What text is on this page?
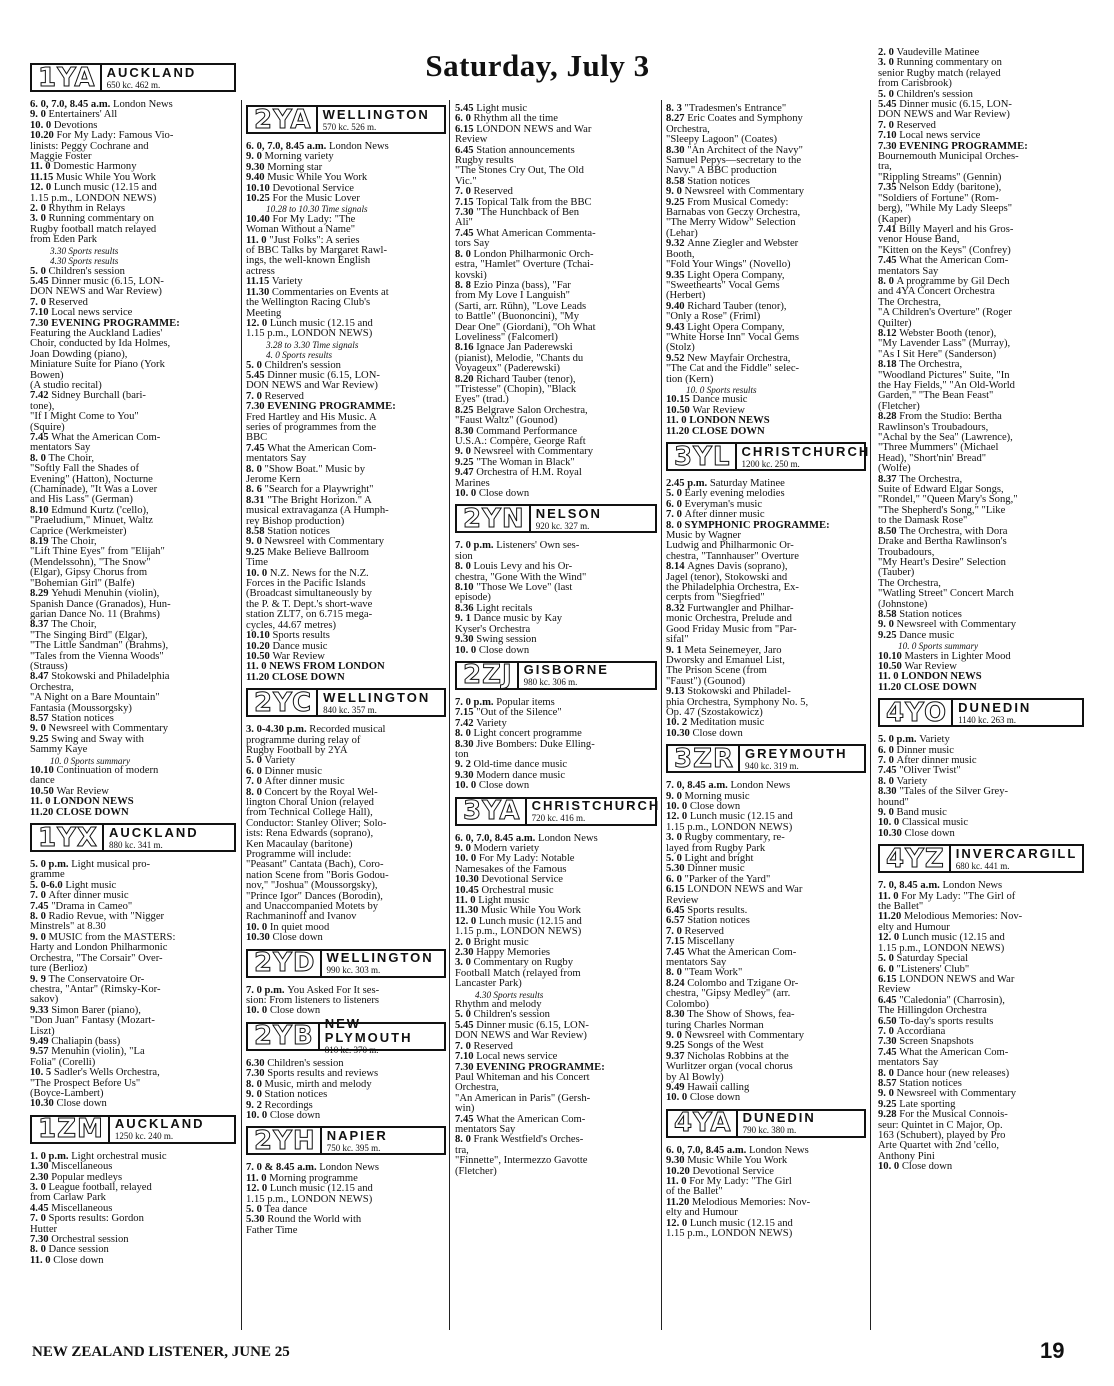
Saturday, July 3
1YA AUCKLAND
650 kc. 462 m.
6. 0, 7.0, 8.45 a.m. London News
9. 0 Entertainers' All
10. 0 Devotions
10.20 For My Lady: Famous Vio-
linists: Peggy Cochrane and
Maggie Foster
11. 0 Domestic Harmony
11.15 Music While You Work
12. 0 Lunch music (12.15 and
1.15 p.m., LONDON NEWS)
2. 0 Rhythm in Relays
3. 0 Running commentary on
Rugby football match relayed
from Eden Park
3.30 Sports results
4.30 Sports results
5. 0 Children's session
5.45 Dinner music (6.15, LON-
DON NEWS and War Review)
7. 0 Reserved
7.10 Local news service
7.30 EVENING PROGRAMME:
Featuring the Auckland Ladies'
Choir, conducted by Ida Holmes,
Joan Dowding (piano),
Miniature Suite for Piano (York
Bowen)
(A studio recital)
7.42 Sidney Burchall (bari-
tone),
"If I Might Come to You"
(Squire)
7.45 What the American Com-
mentators Say
8. 0 The Choir,
"Softly Fall the Shades of
Evening" (Hatton), Nocturne
(Chaminade), "It Was a Lover
and His Lass" (German)
8.10 Edmund Kurtz ('cello),
"Praeludium," Minuet, Waltz
Caprice (Werkmeister)
8.19 The Choir,
"Lift Thine Eyes" from "Elijah"
(Mendelssohn), "The Snow"
(Elgar), Gipsy Chorus from
"Bohemian Girl" (Balfe)
8.29 Yehudi Menuhin (violin),
Spanish Dance (Granados), Hun-
garian Dance No. 11 (Brahms)
8.37 The Choir,
"The Singing Bird" (Elgar),
"The Little Sandman" (Brahms),
"Tales from the Vienna Woods"
(Strauss)
8.47 Stokowski and Philadelphia
Orchestra,
"A Night on a Bare Mountain"
Fantasia (Moussorgsky)
8.57 Station notices
9. 0 Newsreel with Commentary
9.25 Swing and Sway with
Sammy Kaye
10. 0 Sports summary
10.10 Continuation of modern
dance
10.50 War Review
11. 0 LONDON NEWS
11.20 CLOSE DOWN
1YX AUCKLAND
880 kc. 341 m.
5. 0 p.m. Light musical pro-
gramme
5. 0-6.0 Light music
7. 0 After dinner music
7.45 "Drama in Cameo"
8. 0 Radio Revue, with "Nigger
Minstrels" at 8.30
9. 0 MUSIC from the MASTERS:
Harty and London Philharmonic
Orchestra, "The Corsair" Over-
ture (Berlioz)
9. 9 The Conservatoire Or-
chestra, "Antar" (Rimsky-Kor-
sakov)
9.33 Simon Barer (piano),
"Don Juan" Fantasy (Mozart-
Liszt)
9.49 Chaliapin (bass)
9.57 Menuhin (violin), "La
Folia" (Corelli)
10. 5 Sadler's Wells Orchestra,
"The Prospect Before Us"
(Boyce-Lambert)
10.30 Close down
1ZM AUCKLAND
1250 kc. 240 m.
1. 0 p.m. Light orchestral music
1.30 Miscellaneous
2.30 Popular medleys
3. 0 League football, relayed
from Carlaw Park
4.45 Miscellaneous
7. 0 Sports results: Gordon
Hutter
7.30 Orchestral session
8. 0 Dance session
11. 0 Close down
2YA WELLINGTON
570 kc. 526 m.
6. 0, 7.0, 8.45 a.m. London News
9. 0 Morning variety
9.30 Morning star
9.40 Music While You Work
10.10 Devotional Service
10.25 For the Music Lover
10.28 to 10.30 Time signals
10.40 For My Lady: "The
Woman Without a Name"
11. 0 "Just Folks": A series
of BBC Talks by Margaret Rawl-
ings, the well-known English
actress
11.15 Variety
11.30 Commentaries on Events at
the Wellington Racing Club's
Meeting
12. 0 Lunch music (12.15 and
1.15 p.m., LONDON NEWS)
3.28 to 3.30 Time signals
4. 0 Sports results
5. 0 Children's session
5.45 Dinner music (6.15, LON-
DON NEWS and War Review)
7. 0 Reserved
7.30 EVENING PROGRAMME:
Fred Hartley and His Music. A
series of programmes from the
BBC
7.45 What the American Com-
mentators Say
8. 0 "Show Boat." Music by
Jerome Kern
8. 6 "Search for a Playwright"
8.31 "The Bright Horizon." A
musical extravaganza (A Humph-
rey Bishop production)
8.58 Station notices
9. 0 Newsreel with Commentary
9.25 Make Believe Ballroom
Time
10. 0 N.Z. News for the N.Z.
Forces in the Pacific Islands
(Broadcast simultaneously by
the P. & T. Dept.'s short-wave
station ZLT7, on 6.715 mega-
cycles, 44.67 metres)
10.10 Sports results
10.20 Dance music
10.50 War Review
11. 0 NEWS FROM LONDON
11.20 CLOSE DOWN
2YC WELLINGTON
840 kc. 357 m.
3. 0-4.30 p.m. Recorded musical
programme during relay of
Rugby Football by 2YA
5. 0 Variety
6. 0 Dinner music
7. 0 After dinner music
8. 0 Concert by the Royal Wel-
lington Choral Union (relayed
from Technical College Hall),
Conductor: Stanley Oliver; Solo-
ists: Rena Edwards (soprano),
Ken Macaulay (baritone)
Programme will include:
"Peasant" Cantata (Bach), Coro-
nation Scene from "Boris Godou-
nov," "Joshua" (Moussorgsky),
"Prince Igor" Dances (Borodin),
and Unaccompanied Motets by
Rachmaninoff and Ivanov
10. 0 In quiet mood
10.30 Close down
2YD WELLINGTON
990 kc. 303 m.
7. 0 p.m. You Asked For It ses-
sion: From listeners to listeners
10. 0 Close down
2YB NEW PLYMOUTH
810 kc. 370 m.
6.30 Children's session
7.30 Sports results and reviews
8. 0 Music, mirth and melody
9. 0 Station notices
9. 2 Recordings
10. 0 Close down
2YH NAPIER
750 kc. 395 m.
7. 0 & 8.45 a.m. London News
11. 0 Morning programme
12. 0 Lunch music (12.15 and
1.15 p.m., LONDON NEWS)
5. 0 Tea dance
5.30 Round the World with
Father Time
5.45 Light music
6. 0 Rhythm all the time
6.15 LONDON NEWS and War
Review
6.45 Station announcements
Rugby results
"The Stones Cry Out, The Old
Vic."
7. 0 Reserved
7.15 Topical Talk from the BBC
7.30 "The Hunchback of Ben
Ali"
7.45 What American Commenta-
tors Say
8. 0 London Philharmonic Orch-
estra, "Hamlet" Overture (Tchai-
kovski)
8. 8 Ezio Pinza (bass), "Far
from My Love I Languish"
(Sarti, arr. Rühn), "Love Leads
to Battle" (Buononcini), "My
Dear One" (Giordani), "Oh What
Loveliness" (Falcomerl)
8.16 Ignace Jan Paderewski
(pianist), Melodie, "Chants du
Voyageux" (Paderewski)
8.20 Richard Tauber (tenor),
"Tristesse" (Chopin), "Black
Eyes" (trad.)
8.25 Belgrave Salon Orchestra,
"Faust Waltz" (Gounod)
8.30 Command Performance
U.S.A.: Compère, George Raft
9. 0 Newsreel with Commentary
9.25 "The Woman in Black"
9.47 Orchestra of H.M. Royal
Marines
10. 0 Close down
2YN NELSON
920 kc. 327 m.
7. 0 p.m. Listeners' Own ses-
sion
8. 0 Louis Levy and his Or-
chestra, "Gone With the Wind"
8.10 "Those We Love" (last
episode)
8.36 Light recitals
9. 1 Dance music by Kay
Kyser's Orchestra
9.30 Swing session
10. 0 Close down
2ZJ GISBORNE
980 kc. 306 m.
7. 0 p.m. Popular items
7.15 "Out of the Silence"
7.42 Variety
8. 0 Light concert programme
8.30 Jive Bombers: Duke Elling-
ton
9. 2 Old-time dance music
9.30 Modern dance music
10. 0 Close down
3YA CHRISTCHURCH
720 kc. 416 m.
6. 0, 7.0, 8.45 a.m. London News
9. 0 Modern variety
10. 0 For My Lady: Notable
Namesakes of the Famous
10.30 Devotional Service
10.45 Orchestral music
11. 0 Light music
11.30 Music While You Work
12. 0 Lunch music (12.15 and
1.15 p.m., LONDON NEWS)
2. 0 Bright music
2.30 Happy Memories
3. 0 Commentary on Rugby
Football Match (relayed from
Lancaster Park)
4.30 Sports results
Rhythm and melody
5. 0 Children's session
5.45 Dinner music (6.15, LON-
DON NEWS and War Review)
7. 0 Reserved
7.10 Local news service
7.30 EVENING PROGRAMME:
Paul Whiteman and his Concert
Orchestra,
"An American in Paris" (Gersh-
win)
7.45 What the American Com-
mentators Say
8. 0 Frank Westfield's Orches-
tra,
"Finnette", Intermezzo Gavotte
(Fletcher)
8. 3 "Tradesmen's Entrance"
8.27 Eric Coates and Symphony
Orchestra,
"Sleepy Lagoon" (Coates)
8.30 "An Architect of the Navy"
Samuel Pepys—secretary to the
Navy." A BBC production
8.58 Station notices
9. 0 Newsreel with Commentary
9.25 From Musical Comedy:
Barnabas von Geczy Orchestra,
"The Merry Widow" Selection
(Lehar)
9.32 Anne Ziegler and Webster
Booth,
"Fold Your Wings" (Novello)
9.35 Light Opera Company,
"Sweethearts" Vocal Gems
(Herbert)
9.40 Richard Tauber (tenor),
"Only a Rose" (Friml)
9.43 Light Opera Company,
"White Horse Inn" Vocal Gems
(Stolz)
9.52 New Mayfair Orchestra,
"The Cat and the Fiddle" selec-
tion (Kern)
10. 0 Sports results
10.15 Dance music
10.50 War Review
11. 0 LONDON NEWS
11.20 CLOSE DOWN
3YL CHRISTCHURCH
1200 kc. 250 m.
2.45 p.m. Saturday Matinee
5. 0 Early evening melodies
6. 0 Everyman's music
7. 0 After dinner music
8. 0 SYMPHONIC PROGRAMME:
Music by Wagner
Ludwig and Philharmonic Or-
chestra, "Tannhauser" Overture
8.14 Agnes Davis (soprano),
Jagel (tenor), Stokowski and
the Philadelphia Orchestra, Ex-
cerpts from "Siegfried"
8.32 Furtwangler and Philhar-
monic Orchestra, Prelude and
Good Friday Music from "Par-
sifal"
9. 1 Meta Seinemeyer, Jaro
Dworsky and Emanuel List,
The Prison Scene (from
"Faust") (Gounod)
9.13 Stokowski and Philadel-
phia Orchestra, Symphony No. 5,
Op. 47 (Szostakowicz)
10. 2 Meditation music
10.30 Close down
3ZR GREYMOUTH
940 kc. 319 m.
7. 0, 8.45 a.m. London News
9. 0 Morning music
10. 0 Close down
12. 0 Lunch music (12.15 and
1.15 p.m., LONDON NEWS)
3. 0 Rugby commentary, re-
layed from Rugby Park
5. 0 Light and bright
5.30 Dinner music
6. 0 "Parker of the Yard"
6.15 LONDON NEWS and War
Review
6.45 Sports results.
6.57 Station notices
7. 0 Reserved
7.15 Miscellany
7.45 What the American Com-
mentators Say
8. 0 "Team Work"
8.24 Colombo and Tzigane Or-
chestra, "Gipsy Medley" (arr.
Colombo)
8.30 The Show of Shows, fea-
turing Charles Norman
9. 0 Newsreel with Commentary
9.25 Songs of the West
9.37 Nicholas Robbins at the
Wurlitzer organ (vocal chorus
by Al Bowly)
9.49 Hawaii calling
10. 0 Close down
4YA DUNEDIN
790 kc. 380 m.
6. 0, 7.0, 8.45 a.m. London News
9.30 Music While You Work
10.20 Devotional Service
11. 0 For My Lady: "The Girl
of the Ballet"
11.20 Melodious Memories: Nov-
elty and Humour
12. 0 Lunch music (12.15 and
1.15 p.m., LONDON NEWS)
2. 0 Vaudeville Matinee
3. 0 Running commentary on
senior Rugby match (relayed
from Carisbrook)
5. 0 Children's session
5.45 Dinner music (6.15, LON-
DON NEWS and War Review)
7. 0 Reserved
7.10 Local news service
7.30 EVENING PROGRAMME:
Bournemouth Municipal Orches-
tra,
"Rippling Streams" (Gennin)
7.35 Nelson Eddy (baritone),
"Soldiers of Fortune" (Rom-
berg), "While My Lady Sleeps"
(Kaper)
7.41 Billy Mayerl and his Gros-
venor House Band,
"Kitten on the Keys" (Confrey)
7.45 What the American Com-
mentators Say
8. 0 A programme by Gil Dech
and 4YA Concert Orchestra
The Orchestra,
"A Children's Overture" (Roger
Quilter)
8.12 Webster Booth (tenor),
"My Lavender Lass" (Murray),
"As I Sit Here" (Sanderson)
8.18 The Orchestra,
"Woodland Pictures" Suite, "In
the Hay Fields," "An Old-World
Garden," "The Bean Feast"
(Fletcher)
8.28 From the Studio: Bertha
Rawlinson's Troubadours,
"Achal by the Sea" (Lawrence),
"Three Mummers" (Michael
Head), "Short'nin' Bread"
(Wolfe)
8.37 The Orchestra,
Suite of Edward Elgar Songs,
"Rondel," "Queen Mary's Song,"
"The Shepherd's Song," "Like
to the Damask Rose"
8.50 The Orchestra, with Dora
Drake and Bertha Rawlinson's
Troubadours,
"My Heart's Desire" Selection
(Tauber)
The Orchestra,
"Watling Street" Concert March
(Johnstone)
8.58 Station notices
9. 0 Newsreel with Commentary
9.25 Dance music
10. 0 Sports summary
10.10 Masters in Lighter Mood
10.50 War Review
11. 0 LONDON NEWS
11.20 CLOSE DOWN
4YO DUNEDIN
1140 kc. 263 m.
5. 0 p.m. Variety
6. 0 Dinner music
7. 0 After dinner music
7.45 "Oliver Twist"
8. 0 Variety
8.30 "Tales of the Silver Grey-
hound"
9. 0 Band music
10. 0 Classical music
10.30 Close down
4YZ INVERCARGILL
680 kc. 441 m.
7. 0, 8.45 a.m. London News
11. 0 For My Lady: "The Girl of
the Ballet"
11.20 Melodious Memories: Nov-
elty and Humour
12. 0 Lunch music (12.15 and
1.15 p.m., LONDON NEWS)
5. 0 Saturday Special
6. 0 "Listeners' Club"
6.15 LONDON NEWS and War
Review
6.45 "Caledonia" (Charrosin),
The Hillingdon Orchestra
6.50 To-day's sports results
7. 0 Accordiana
7.30 Screen Snapshots
7.45 What the American Com-
mentators Say
8. 0 Dance hour (new releases)
8.57 Station notices
9. 0 Newsreel with Commentary
9.25 Late sporting
9.28 For the Musical Connois-
seur: Quintet in C Major, Op.
163 (Schubert), played by Pro
Arte Quartet with 2nd 'cello,
Anthony Pini
10. 0 Close down
NEW ZEALAND LISTENER, JUNE 25	19
